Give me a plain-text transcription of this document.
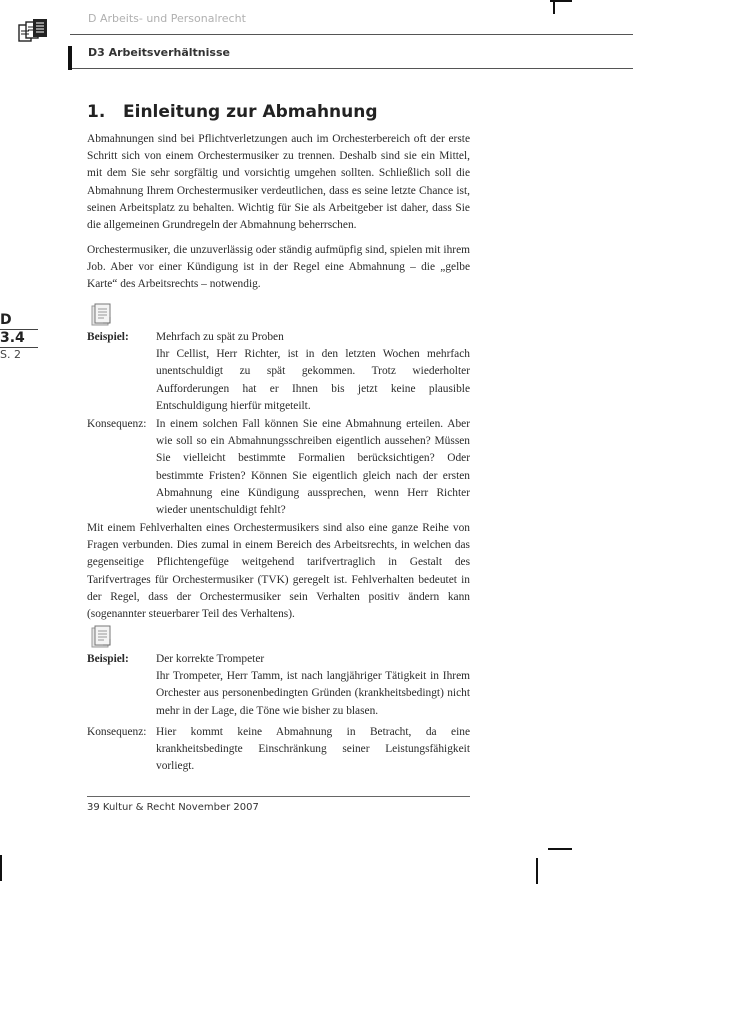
D Arbeits- und Personalrecht
D3 Arbeitsverhältnisse
D
3.4
S. 2
1. Einleitung zur Abmahnung

Abmahnungen sind bei Pflichtverletzungen auch im Orchesterbereich oft der erste Schritt sich von einem Orchestermusiker zu trennen. Deshalb sind sie ein Mittel, mit dem Sie sehr sorgfältig und vorsichtig umgehen sollten. Schließlich soll die Abmahnung Ihrem Orchestermusiker verdeutlichen, dass es seine letzte Chance ist, seinen Arbeitsplatz zu behalten. Wichtig für Sie als Arbeitgeber ist daher, dass Sie die allgemeinen Grundregeln der Abmahnung beherrschen.

Orchestermusiker, die unzuverlässig oder ständig aufmüpfig sind, spielen mit ihrem Job. Aber vor einer Kündigung ist in der Regel eine Abmahnung – die „gelbe Karte“ des Arbeitsrechts – notwendig.

Beispiel: Mehrfach zu spät zu Proben
Ihr Cellist, Herr Richter, ist in den letzten Wochen mehrfach unentschuldigt zu spät gekommen. Trotz wiederholter Aufforderungen hat er Ihnen bis jetzt keine plausible Entschuldigung hierfür mitgeteilt.
Konsequenz: In einem solchen Fall können Sie eine Abmahnung erteilen. Aber wie soll so ein Abmahnungsschreiben eigentlich aussehen? Müssen Sie vielleicht bestimmte Formalien berücksichtigen? Oder bestimmte Fristen? Können Sie eigentlich gleich nach der ersten Abmahnung eine Kündigung aussprechen, wenn Herr Richter wieder unentschuldigt fehlt?

Mit einem Fehlverhalten eines Orchestermusikers sind also eine ganze Reihe von Fragen verbunden. Dies zumal in einem Bereich des Arbeitsrechts, in welchen das gegenseitige Pflichtengefüge weitgehend tarifvertraglich in Gestalt des Tarifvertrages für Orchestermusiker (TVK) geregelt ist. Fehlverhalten bedeutet in der Regel, dass der Orchestermusiker sein Verhalten positiv ändern kann (sogenannter steuerbarer Teil des Verhaltens).

Beispiel: Der korrekte Trompeter
Ihr Trompeter, Herr Tamm, ist nach langjähriger Tätigkeit in Ihrem Orchester aus personenbedingten Gründen (krankheitsbedingt) nicht mehr in der Lage, die Töne wie bisher zu blasen.
Konsequenz: Hier kommt keine Abmahnung in Betracht, da eine krankheitsbedingte Einschränkung seiner Leistungsfähigkeit vorliegt.
39 Kultur & Recht November 2007
